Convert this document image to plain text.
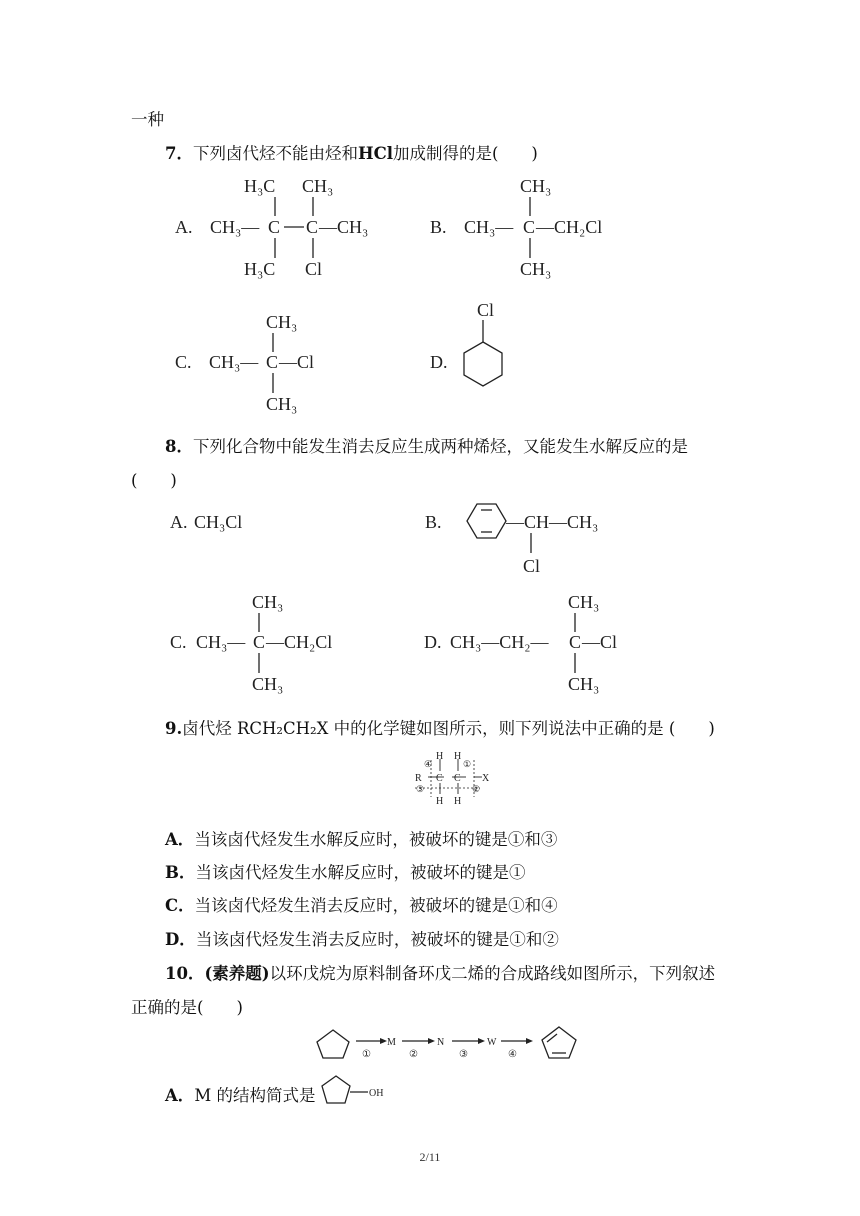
一种
7．下列卤代烃不能由烃和HCl加成制得的是(　　)
8．下列化合物中能发生消去反应生成两种烯烃，又能发生水解反应的是
(　　)
9.卤代烃 RCH₂CH₂X 中的化学键如图所示，则下列说法中正确的是 (　　)
A．当该卤代烃发生水解反应时，被破坏的键是①和③
B．当该卤代烃发生水解反应时，被破坏的键是①
C．当该卤代烃发生消去反应时，被破坏的键是①和④
D．当该卤代烃发生消去反应时，被破坏的键是①和②
10．(素养题)以环戊烷为原料制备环戊二烯的合成路线如图所示，下列叙述
正确的是(　　)
A．M 的结构简式是
2/11
A.
H₃C CH₃
CH₃— C C —CH₃
H₃C Cl
B.
CH₃
CH₃— C —CH₂Cl
CH₃
C.
CH₃
CH₃— C —Cl
CH₃
D.
Cl
A. CH₃Cl	B.	—CH—CH₃
Cl
C.
CH₃
CH₃— C —CH₂Cl
CH₃
D. CH₃—CH₂— C —Cl
CH₃
CH₃
R C C X
H H
H H
①
②
③
④
M	N	W
①	②	③	④
OH
